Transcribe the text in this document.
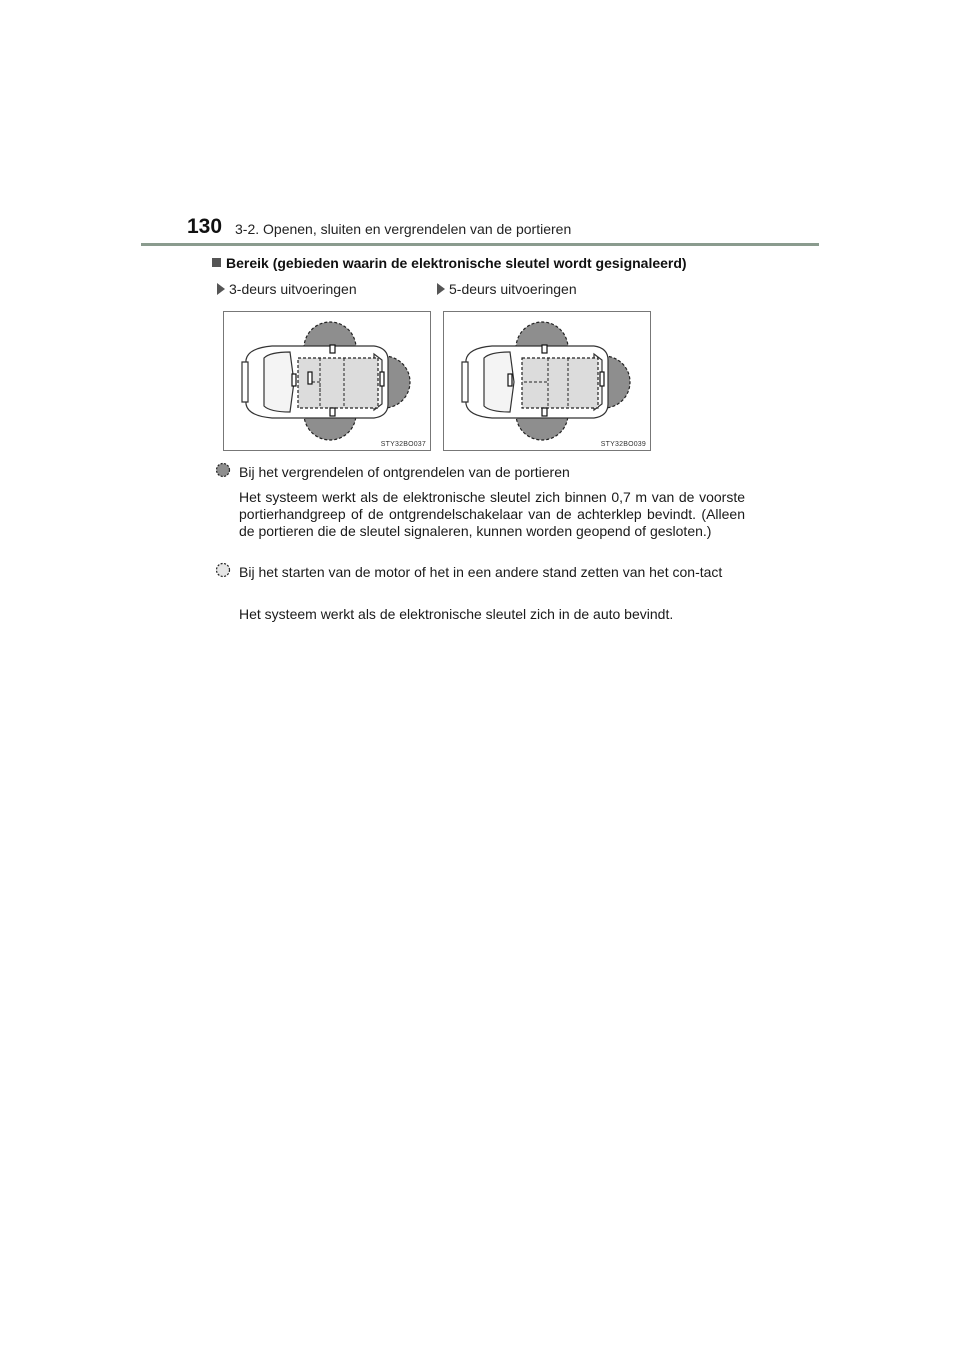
130 3-2. Openen, sluiten en vergrendelen van de portieren
Bereik (gebieden waarin de elektronische sleutel wordt gesignaleerd)
3-deurs uitvoeringen	5-deurs uitvoeringen
STY32BO037	STY32BO039
Bij het vergrendelen of ontgrendelen van de portieren
Het systeem werkt als de elektronische sleutel zich binnen 0,7 m van de voorste portierhandgreep of de ontgrendelschakelaar van de achterklep bevindt. (Alleen de portieren die de sleutel signaleren, kunnen worden geopend of gesloten.)
Bij het starten van de motor of het in een andere stand zetten van het con-tact
Het systeem werkt als de elektronische sleutel zich in de auto bevindt.
